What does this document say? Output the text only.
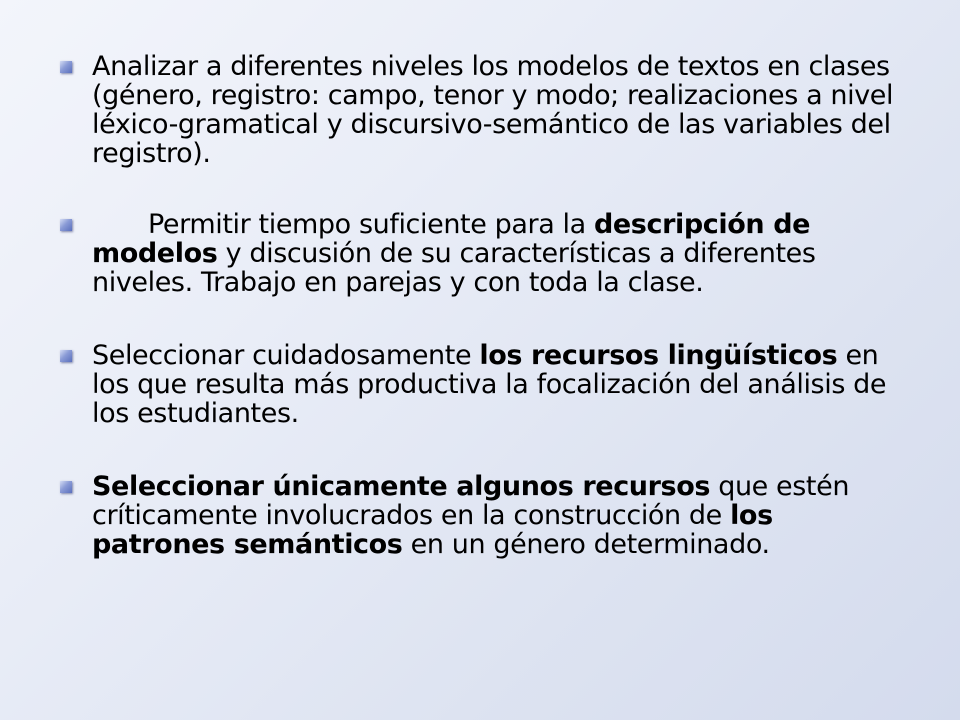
Analizar a diferentes niveles los modelos de textos en clases (género, registro: campo, tenor y modo; realizaciones a nivel léxico-gramatical y discursivo-semántico de las variables del registro).
Permitir tiempo suficiente para la descripción de modelos y discusión de su características a diferentes niveles. Trabajo en parejas y con toda la clase.
Seleccionar cuidadosamente los recursos lingüísticos en los que resulta más productiva la focalización del análisis de los estudiantes.
Seleccionar únicamente algunos recursos que estén críticamente involucrados en la construcción de los patrones semánticos en un género determinado.
